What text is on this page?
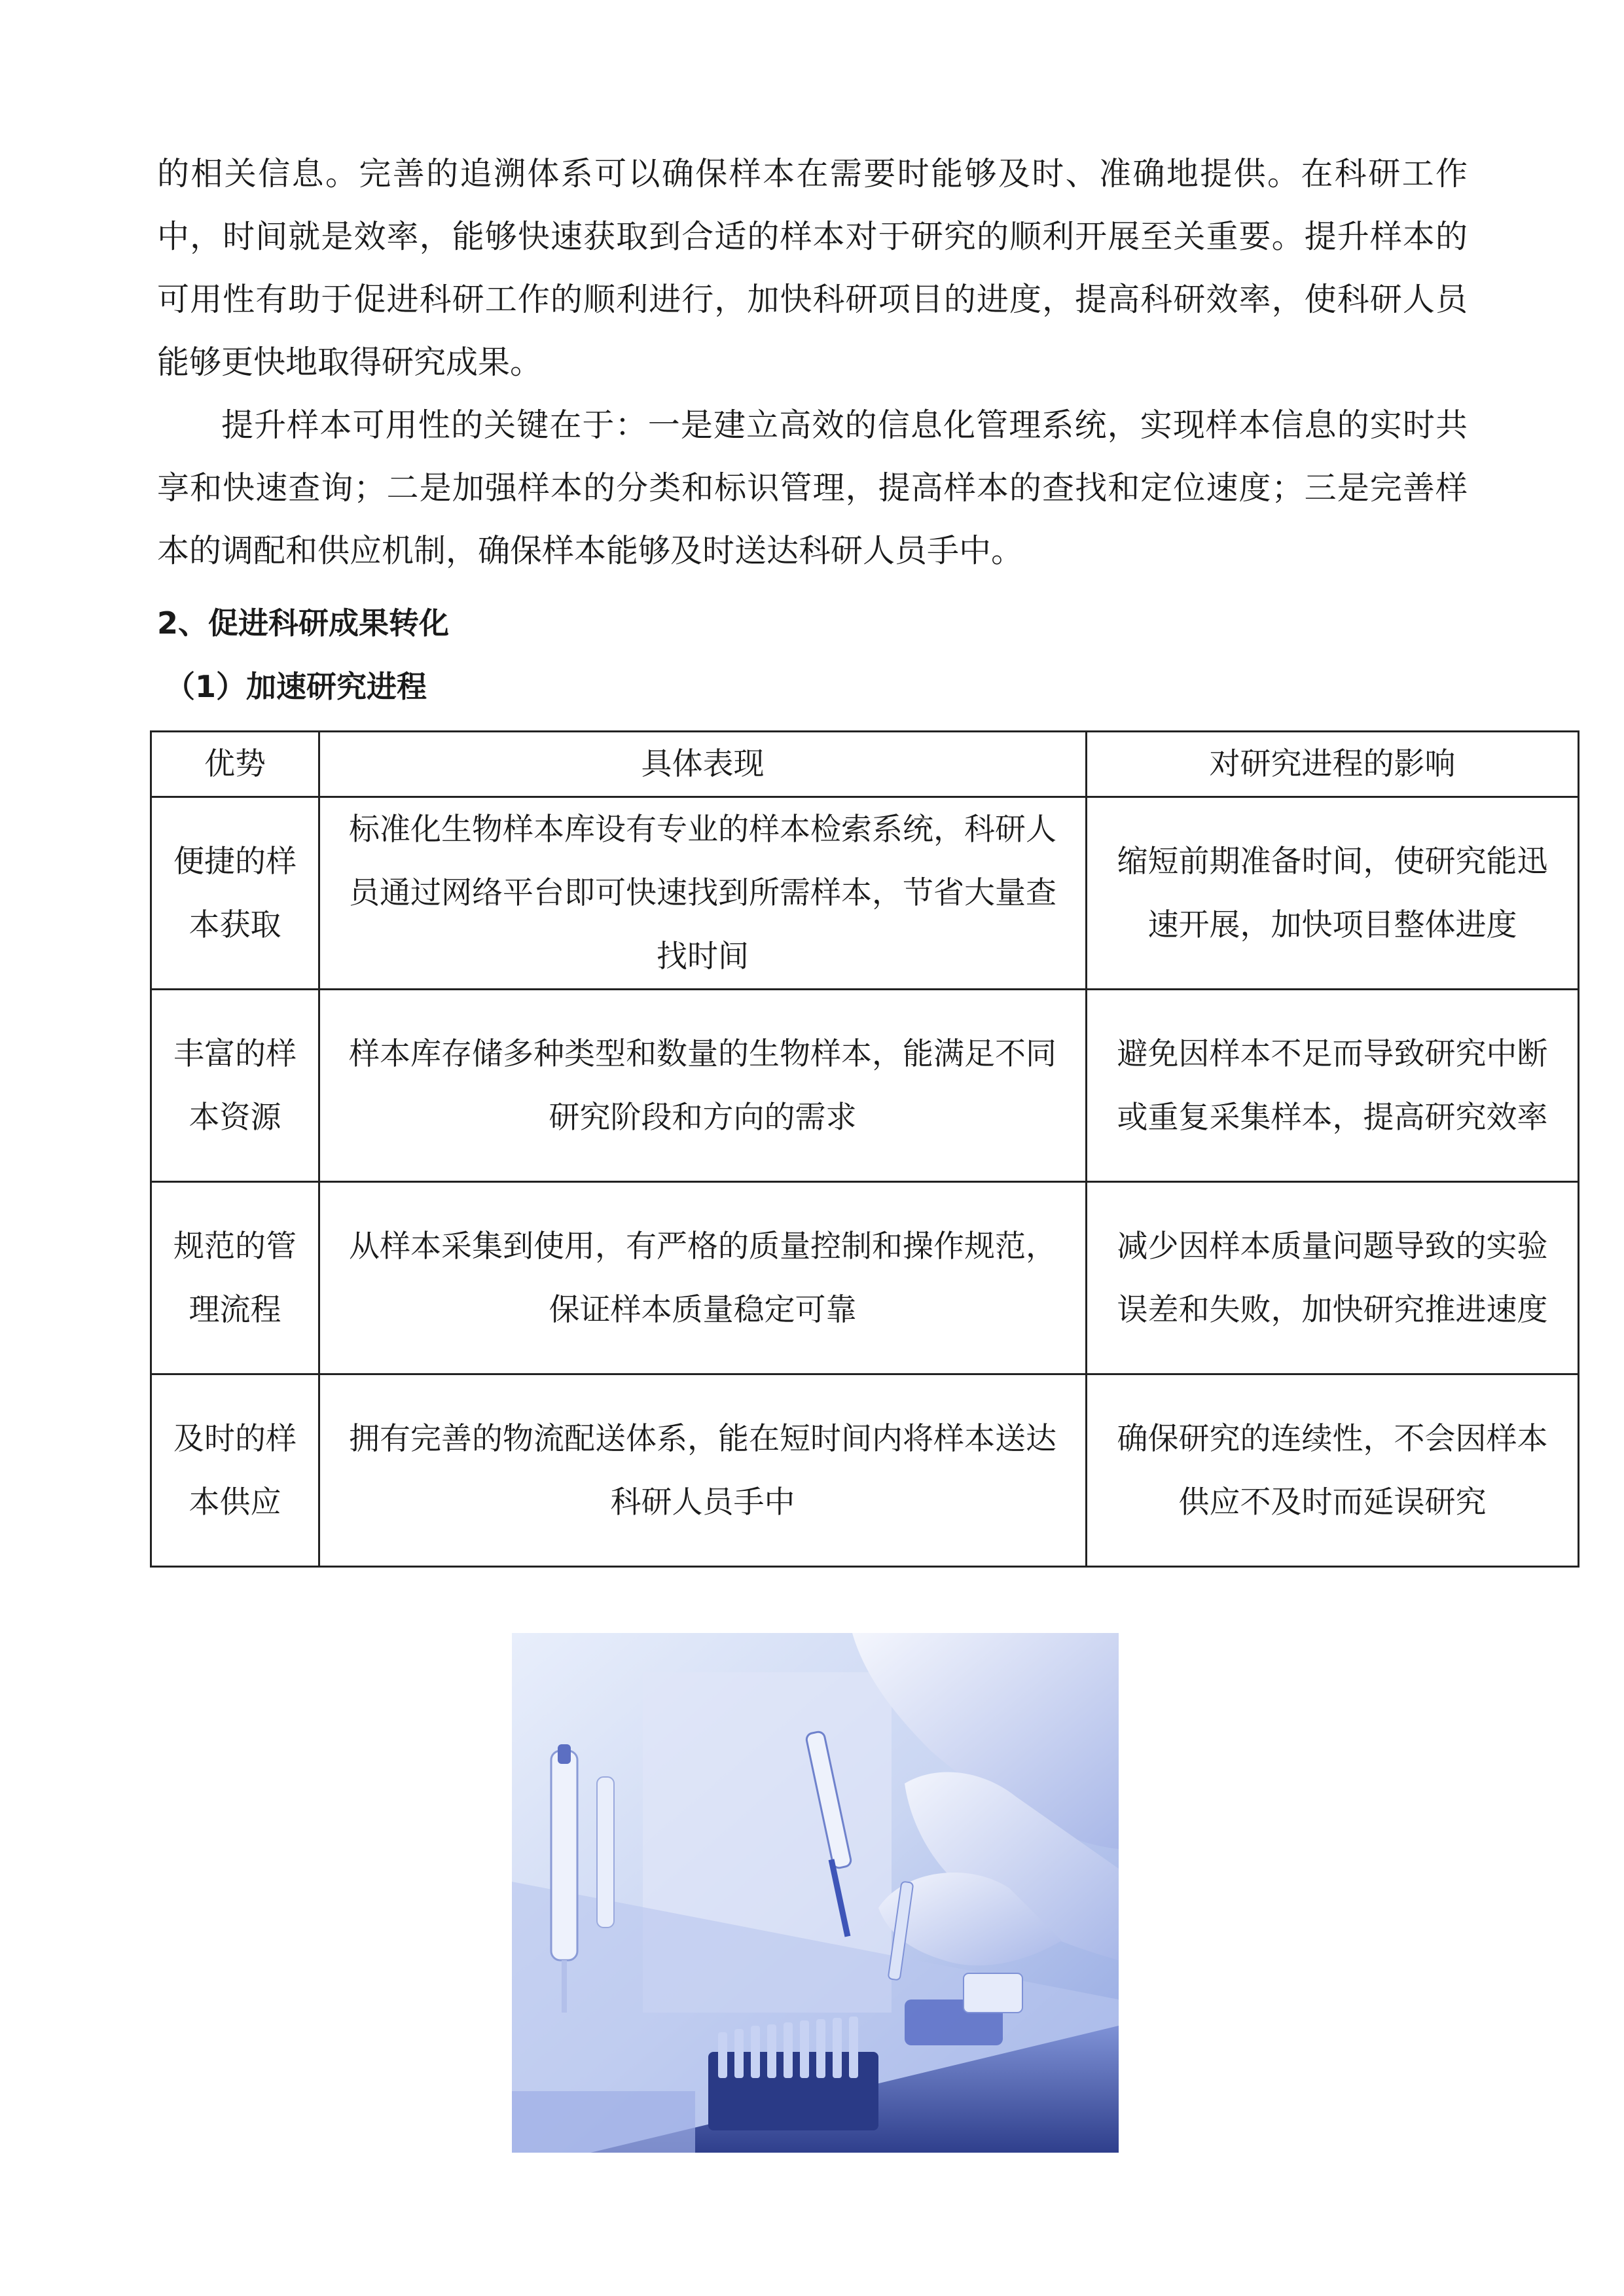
的相关信息。完善的追溯体系可以确保样本在需要时能够及时、准确地提供。在科研工作中，时间就是效率，能够快速获取到合适的样本对于研究的顺利开展至关重要。提升样本的可用性有助于促进科研工作的顺利进行，加快科研项目的进度，提高科研效率，使科研人员能够更快地取得研究成果。

提升样本可用性的关键在于：一是建立高效的信息化管理系统，实现样本信息的实时共享和快速查询；二是加强样本的分类和标识管理，提高样本的查找和定位速度；三是完善样本的调配和供应机制，确保样本能够及时送达科研人员手中。

2、促进科研成果转化
（1）加速研究进程
优势	具体表现	对研究进程的影响
便捷的样本获取	标准化生物样本库设有专业的样本检索系统，科研人员通过网络平台即可快速找到所需样本，节省大量查找时间	缩短前期准备时间，使研究能迅速开展，加快项目整体进度
丰富的样本资源	样本库存储多种类型和数量的生物样本，能满足不同研究阶段和方向的需求	避免因样本不足而导致研究中断或重复采集样本，提高研究效率
规范的管理流程	从样本采集到使用，有严格的质量控制和操作规范，保证样本质量稳定可靠	减少因样本质量问题导致的实验误差和失败，加快研究推进速度
及时的样本供应	拥有完善的物流配送体系，能在短时间内将样本送达科研人员手中	确保研究的连续性，不会因样本供应不及时而延误研究
